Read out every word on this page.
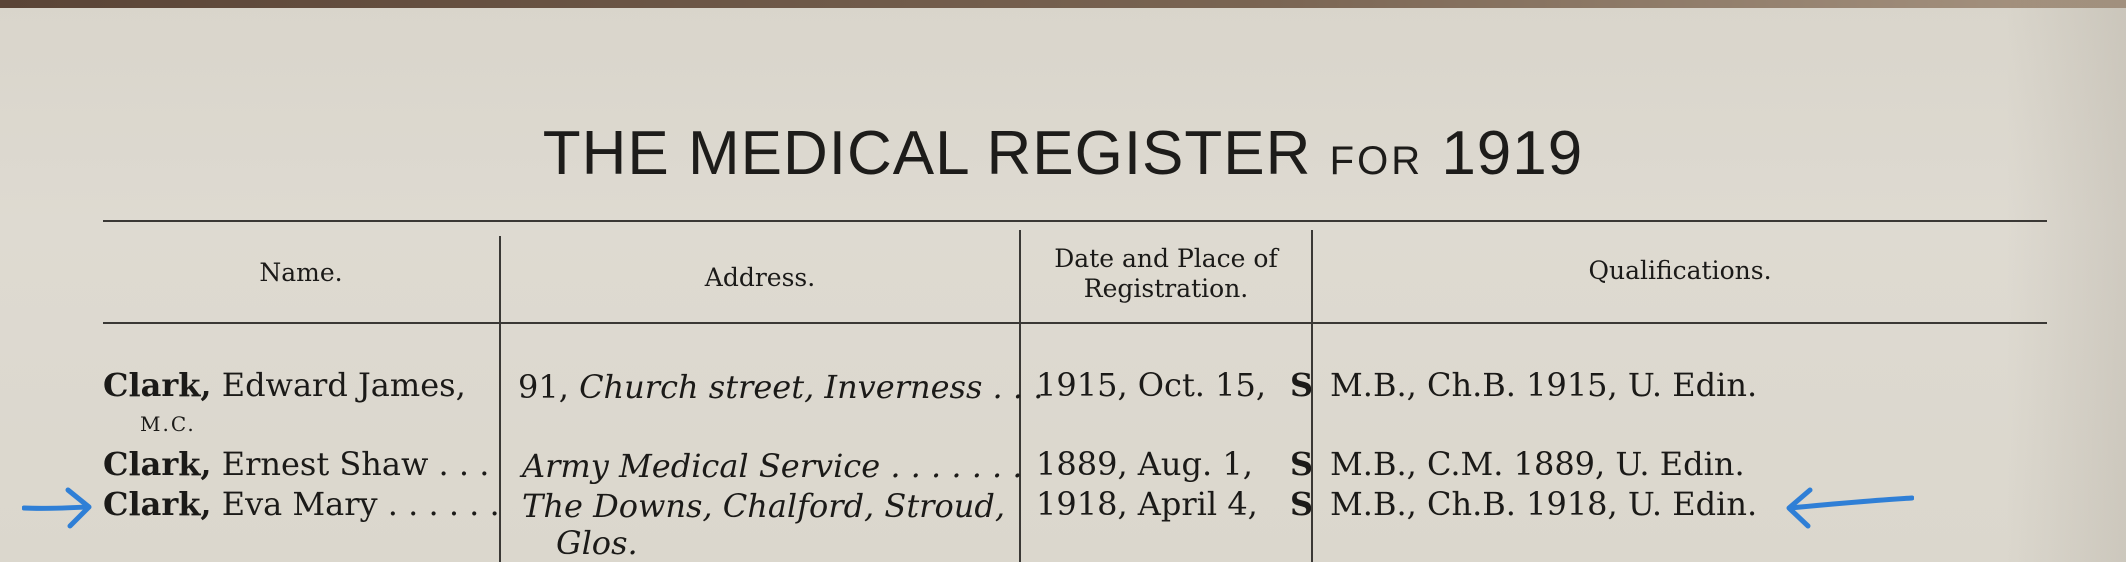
THE MEDICAL REGISTER FOR 1919
Name.	Address.
Date and Place of
Registration.
Qualifications.
Clark, Edward James,
M.C.
91, Church street, Inverness . . .
1915, Oct. 15, S M.B., Ch.B. 1915, U. Edin.
Clark, Ernest Shaw . . . Army Medical Service . . . . . . . 1889, Aug. 1, S M.B., C.M. 1889, U. Edin.
Clark, Eva Mary . . . . . . The Downs, Chalford, Stroud,
Glos.
1918, April 4, S M.B., Ch.B. 1918, U. Edin.
